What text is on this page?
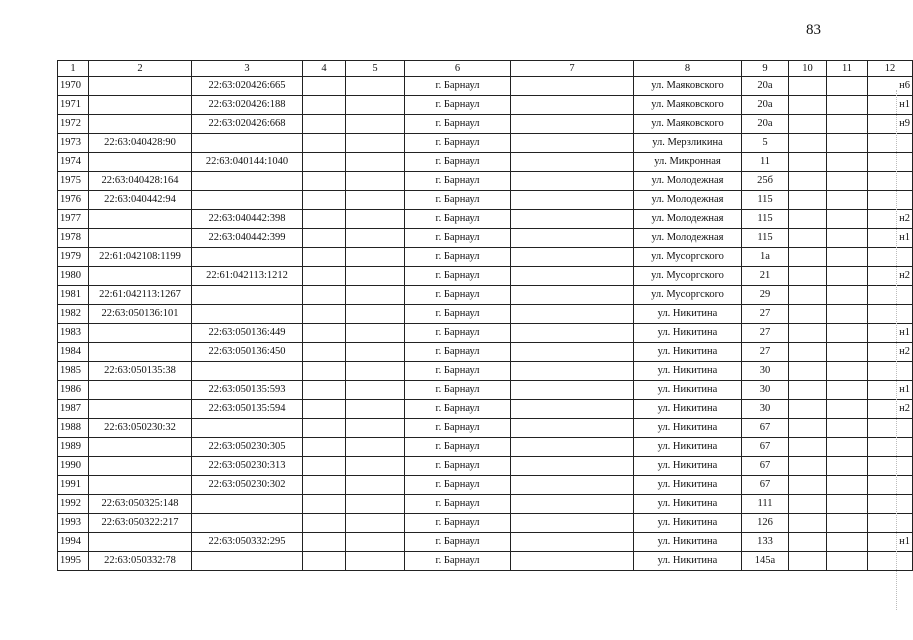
83
1	2	3	4	5	6	7	8	9	10	11	12
1970		22:63:020426:665			г. Барнаул		ул. Маяковского	20а			н6
1971		22:63:020426:188			г. Барнаул		ул. Маяковского	20а			н1
1972		22:63:020426:668			г. Барнаул		ул. Маяковского	20а			н9
1973	22:63:040428:90				г. Барнаул		ул. Мерзликина	5			
1974		22:63:040144:1040			г. Барнаул		ул. Микронная	11			
1975	22:63:040428:164				г. Барнаул		ул. Молодежная	25б			
1976	22:63:040442:94				г. Барнаул		ул. Молодежная	115			
1977		22:63:040442:398			г. Барнаул		ул. Молодежная	115			н2
1978		22:63:040442:399			г. Барнаул		ул. Молодежная	115			н1
1979	22:61:042108:1199				г. Барнаул		ул. Мусоргского	1а			
1980		22:61:042113:1212			г. Барнаул		ул. Мусоргского	21			н2
1981	22:61:042113:1267				г. Барнаул		ул. Мусоргского	29			
1982	22:63:050136:101				г. Барнаул		ул. Никитина	27			
1983		22:63:050136:449			г. Барнаул		ул. Никитина	27			н1
1984		22:63:050136:450			г. Барнаул		ул. Никитина	27			н2
1985	22:63:050135:38				г. Барнаул		ул. Никитина	30			
1986		22:63:050135:593			г. Барнаул		ул. Никитина	30			н1
1987		22:63:050135:594			г. Барнаул		ул. Никитина	30			н2
1988	22:63:050230:32				г. Барнаул		ул. Никитина	67			
1989		22:63:050230:305			г. Барнаул		ул. Никитина	67			
1990		22:63:050230:313			г. Барнаул		ул. Никитина	67			
1991		22:63:050230:302			г. Барнаул		ул. Никитина	67			
1992	22:63:050325:148				г. Барнаул		ул. Никитина	111			
1993	22:63:050322:217				г. Барнаул		ул. Никитина	126			
1994		22:63:050332:295			г. Барнаул		ул. Никитина	133			н1
1995	22:63:050332:78				г. Барнаул		ул. Никитина	145а			
